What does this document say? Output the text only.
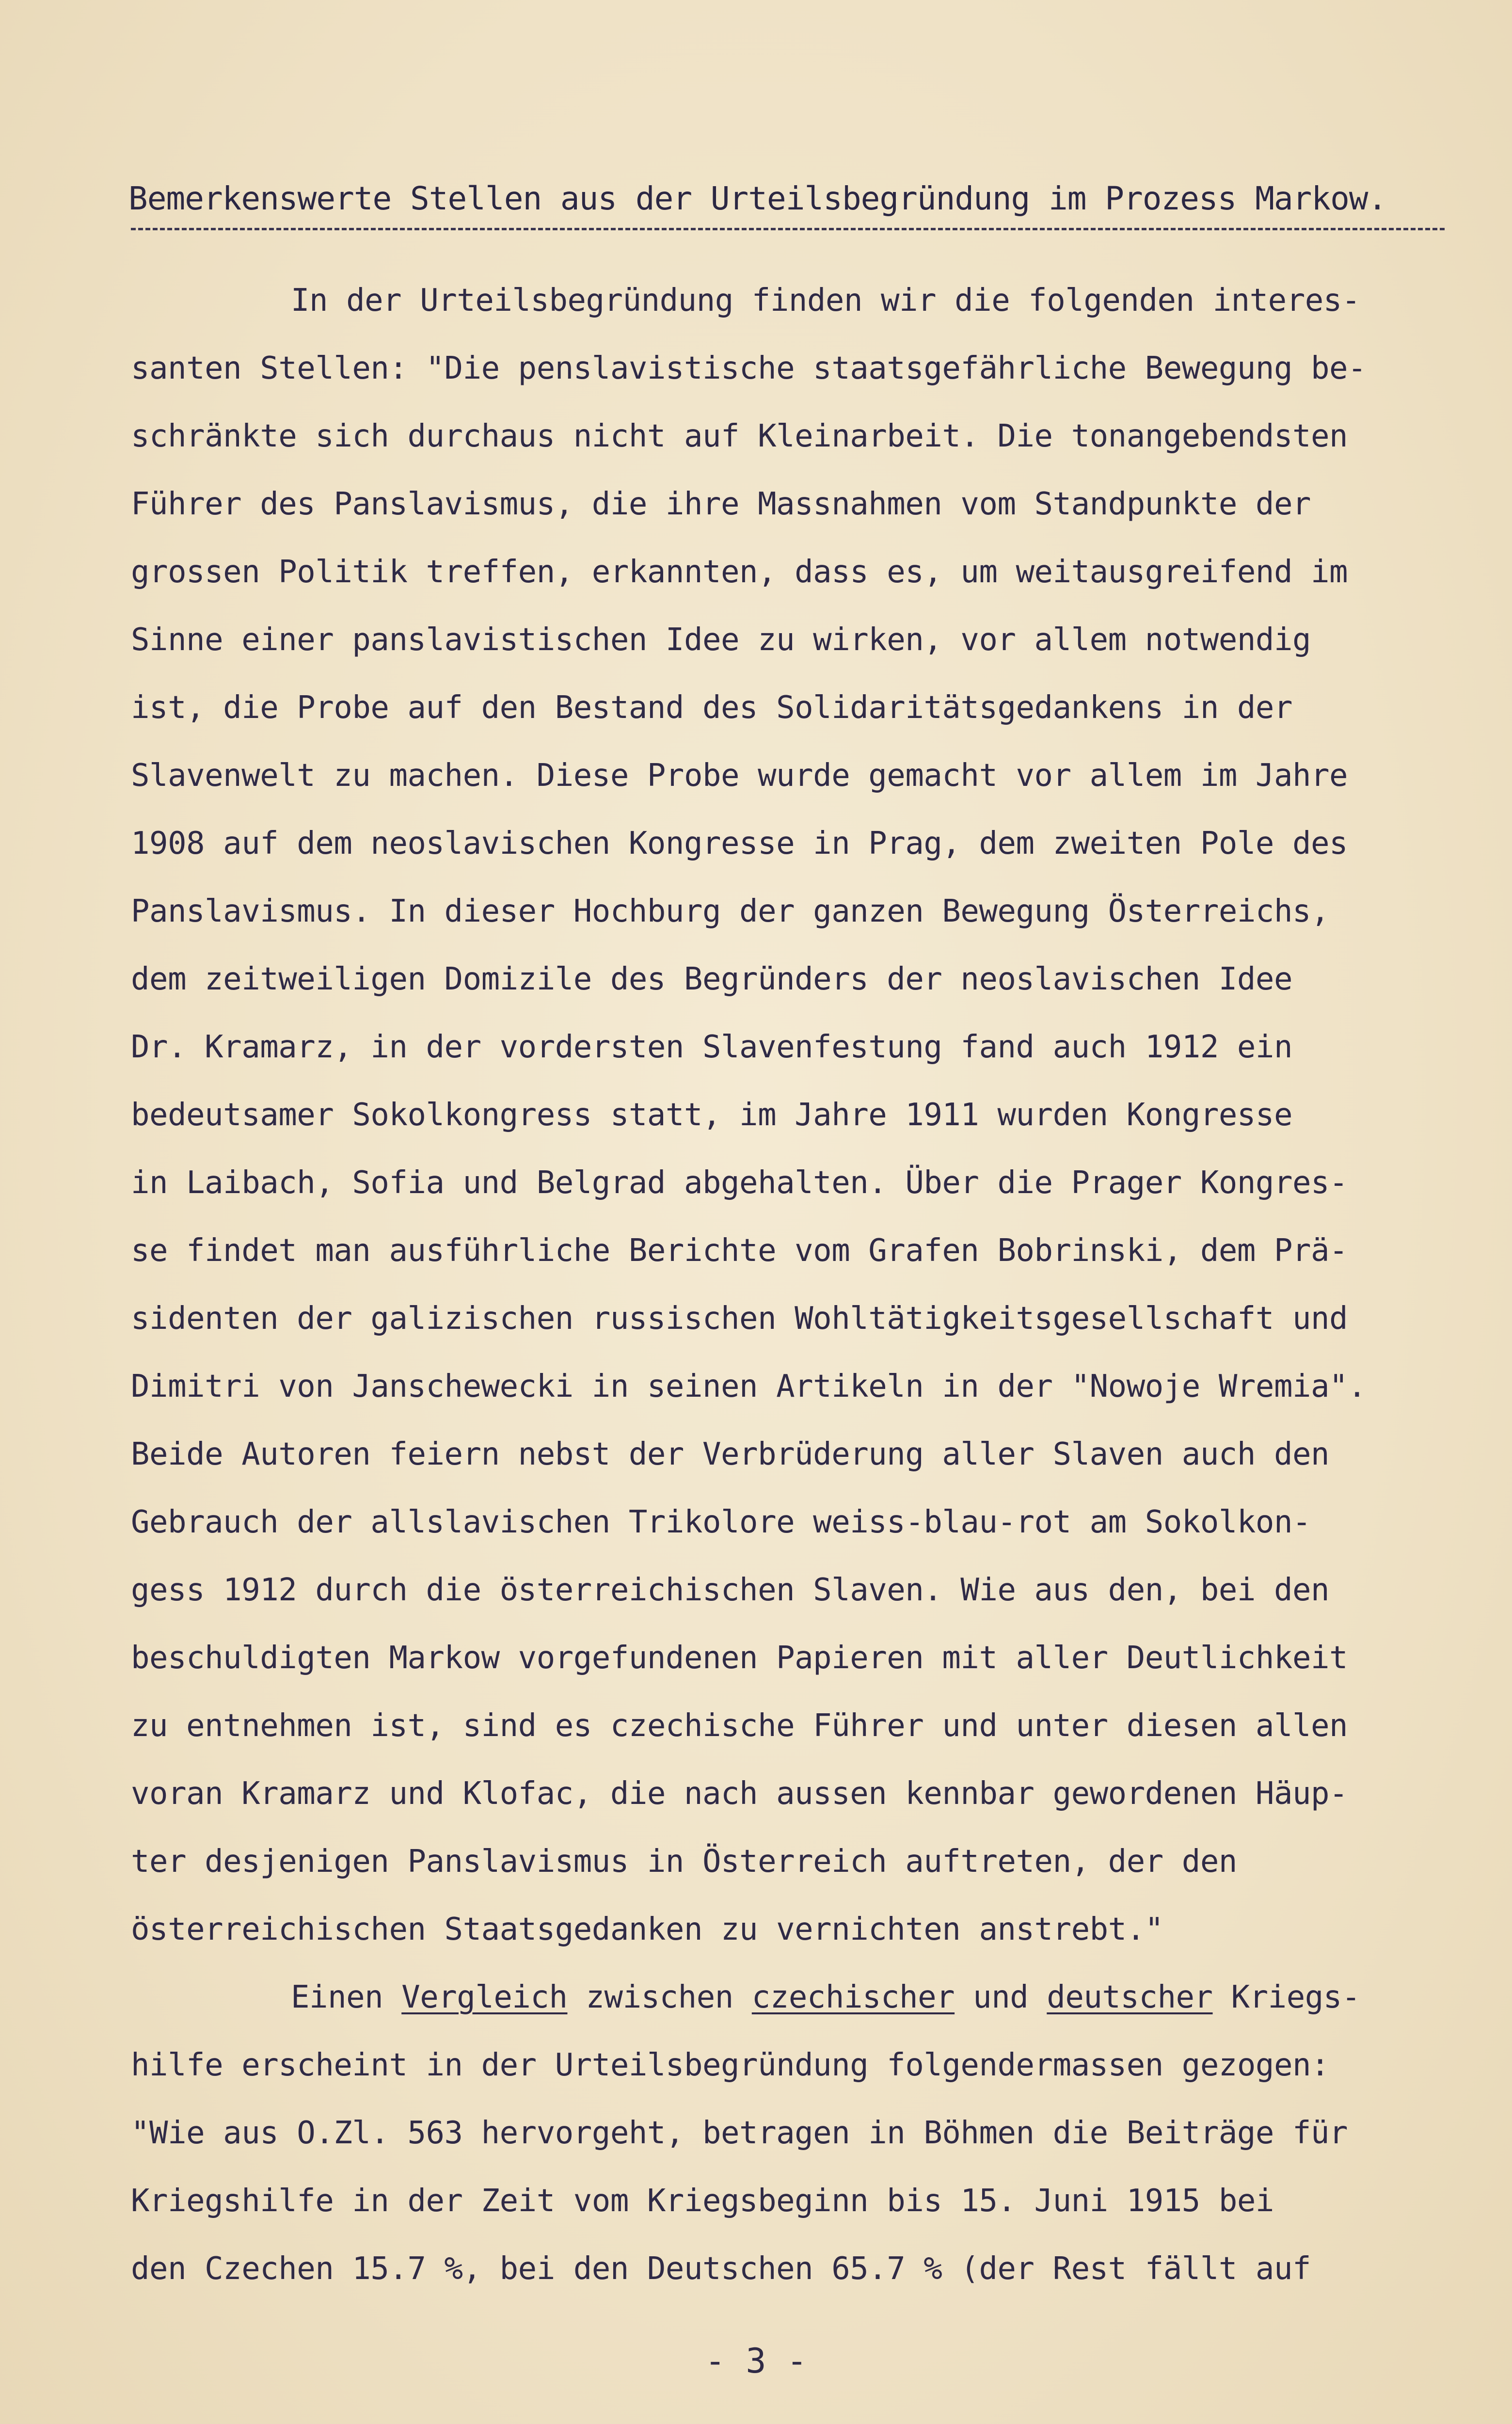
Bemerkenswerte Stellen aus der Urteilsbegründung im Prozess Markow.
In der Urteilsbegründung finden wir die folgenden interes-
santen Stellen: "Die penslavistische staatsgefährliche Bewegung be-
schränkte sich durchaus nicht auf Kleinarbeit. Die tonangebendsten
Führer des Panslavismus, die ihre Massnahmen vom Standpunkte der
grossen Politik treffen, erkannten, dass es, um weitausgreifend im
Sinne einer panslavistischen Idee zu wirken, vor allem notwendig
ist, die Probe auf den Bestand des Solidaritätsgedankens in der
Slavenwelt zu machen. Diese Probe wurde gemacht vor allem im Jahre
1908 auf dem neoslavischen Kongresse in Prag, dem zweiten Pole des
Panslavismus. In dieser Hochburg der ganzen Bewegung Österreichs,
dem zeitweiligen Domizile des Begründers der neoslavischen Idee
Dr. Kramarz, in der vordersten Slavenfestung fand auch 1912 ein
bedeutsamer Sokolkongress statt, im Jahre 1911 wurden Kongresse
in Laibach, Sofia und Belgrad abgehalten. Über die Prager Kongres-
se findet man ausführliche Berichte vom Grafen Bobrinski, dem Prä-
sidenten der galizischen russischen Wohltätigkeitsgesellschaft und
Dimitri von Janschewecki in seinen Artikeln in der "Nowoje Wremia".
Beide Autoren feiern nebst der Verbrüderung aller Slaven auch den
Gebrauch der allslavischen Trikolore weiss-blau-rot am Sokolkon-
gess 1912 durch die österreichischen Slaven. Wie aus den, bei den
beschuldigten Markow vorgefundenen Papieren mit aller Deutlichkeit
zu entnehmen ist, sind es czechische Führer und unter diesen allen
voran Kramarz und Klofac, die nach aussen kennbar gewordenen Häup-
ter desjenigen Panslavismus in Österreich auftreten, der den
österreichischen Staatsgedanken zu vernichten anstrebt."
Einen Vergleich zwischen czechischer und deutscher Kriegs-
hilfe erscheint in der Urteilsbegründung folgendermassen gezogen:
"Wie aus O.Zl. 563 hervorgeht, betragen in Böhmen die Beiträge für
Kriegshilfe in der Zeit vom Kriegsbeginn bis 15. Juni 1915 bei
den Czechen 15.7 %, bei den Deutschen 65.7 % (der Rest fällt auf
- 3 -
